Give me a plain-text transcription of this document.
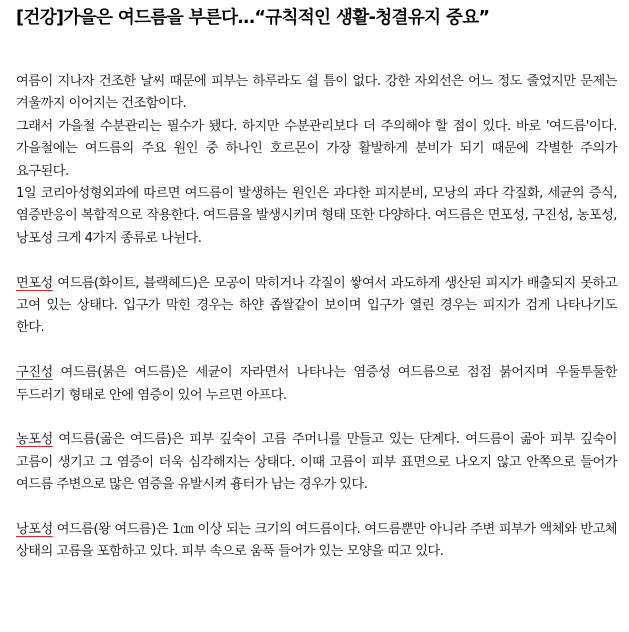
[건강]가을은 여드름을 부른다…“규칙적인 생활-청결유지 중요”

여름이 지나자 건조한 날씨 때문에 피부는 하루라도 쉴 틈이 없다. 강한 자외선은 어느 정도 줄었지만 문제는 겨울까지 이어지는 건조함이다.

그래서 가을철 수분관리는 필수가 됐다. 하지만 수분관리보다 더 주의해야 할 점이 있다. 바로 '여드름'이다. 가을철에는 여드름의 주요 원인 중 하나인 호르몬이 가장 활발하게 분비가 되기 때문에 각별한 주의가 요구된다.

1일 코리아성형외과에 따르면 여드름이 발생하는 원인은 과다한 피지분비, 모낭의 과다 각질화, 세균의 증식, 염증반응이 복합적으로 작용한다. 여드름을 발생시키며 형태 또한 다양하다. 여드름은 면포성, 구진성, 농포성, 낭포성 크게 4가지 종류로 나뉜다.

면포성 여드름(화이트, 블랙헤드)은 모공이 막히거나 각질이 쌓여서 과도하게 생산된 피지가 배출되지 못하고 고여 있는 상태다. 입구가 막힌 경우는 하얀 좁쌀같이 보이며 입구가 열린 경우는 피지가 검게 나타나기도 한다.

구진성 여드름(붉은 여드름)은 세균이 자라면서 나타나는 염증성 여드름으로 점점 붉어지며 우둘투둘한 두드러기 형태로 안에 염증이 있어 누르면 아프다.

농포성 여드름(곪은 여드름)은 피부 깊숙이 고름 주머니를 만들고 있는 단계다. 여드름이 곪아 피부 깊숙이 고름이 생기고 그 염증이 더욱 심각해지는 상태다. 이때 고름이 피부 표면으로 나오지 않고 안쪽으로 들어가 여드름 주변으로 많은 염증을 유발시켜 흉터가 남는 경우가 있다.

낭포성 여드름(왕 여드름)은 1㎝ 이상 되는 크기의 여드름이다. 여드름뿐만 아니라 주변 피부가 액체와 반고체 상태의 고름을 포함하고 있다. 피부 속으로 움푹 들어가 있는 모양을 띠고 있다.
